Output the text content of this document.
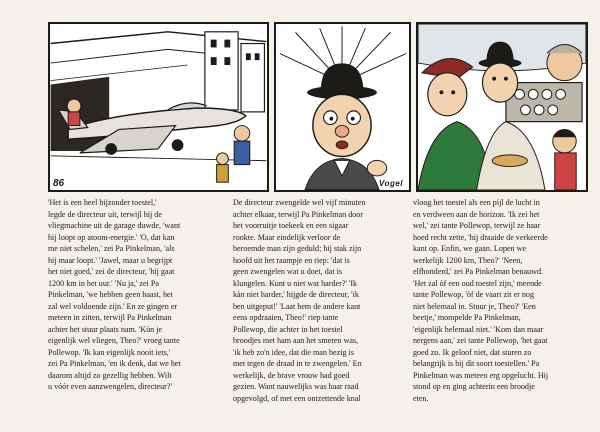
86	Vogel
'Het is een heel bijzonder toestel,'
legde de directeur uit, terwijl hij de
vliegmachine uit de garage duwde, 'want
hij loopt op atoom-energie.' 'O, dat kan
me niet schelen,' zei Pa Pinkelman, 'als
hij maar loopt.' 'Jawel, maar u begrijpt
het niet goed,' zei de directeur, 'hij gaat
1200 km in het uur.' 'Nu ja,' zei Pa
Pinkelman, 'we hebben geen haast, het
zal wel voldoende zijn.' En ze gingen er
meteen in zitten, terwijl Pa Pinkelman
achter het stuur plaats nam. 'Kùn je
eigenlijk wel vliegen, Theo?' vroeg tante
Pollewop. 'Ik kan eigenlijk nooit iets,'
zei Pa Pinkelman, 'en ik denk, dat we het
daarom altijd zo gezellig hebben. Wilt
u vóór even aanzwengelen, directeur?'
De directeur zwengelde wel vijf minuten
achter elkaar, terwijl Pa Pinkelman door
het voorruitje toekeek en een sigaar
rookte. Maar eindelijk verloor de
beroemde man zijn geduld; hij stak zijn
hoofd uit het raampje en riep: 'dat is
geen zwengelen wat u doet, dat is
klungelen. Kunt u niet wat harder?' 'Ik
kàn niet harder,' hijgde de directeur, 'ik
ben uitgeput!' 'Laat hem de andere kant
eens opdraaien, Theo!' riep tante
Pollewop, die achter in het toestel
broodjes met ham aan het smeren was,
'ik heb zo'n idee, dat die man bezig is
met tegen de draad in te zwengelen.' En
werkelijk, de brave vrouw had goed
gezien. Want nauwelijks was haar raad
opgevolgd, of met een ontzettende knal
vloog het toestel als een pijl de lucht in
en verdween aan de horizon. 'Ik zei het
wel,' zei tante Pollewop, terwijl ze haar
hoed recht zette, 'hij draaide de verkeerde
kant op. Enfin, we gaan. Lopen we
werkelijk 1200 km, Theo?' 'Neen,
elfhonderd,' zei Pa Pinkelman benauwd.
'Het zal òf een oud toestel zijn,' meende
tante Pollewop, 'òf de vaart zit er nog
niet helemaal in. Stuur je, Theo?' 'Een
beetje,' mompelde Pa Pinkelman,
'eigenlijk helemaal niet.' 'Kom dan maar
nergens aan,' zei tante Pollewop, 'het gaat
goed zo. Ik geloof niet, dat sturen zo
belangrijk is bij dit soort toestellen.' Pa
Pinkelman was meteen erg opgelucht. Hij
stond op en ging achterin een broodje
eten.
